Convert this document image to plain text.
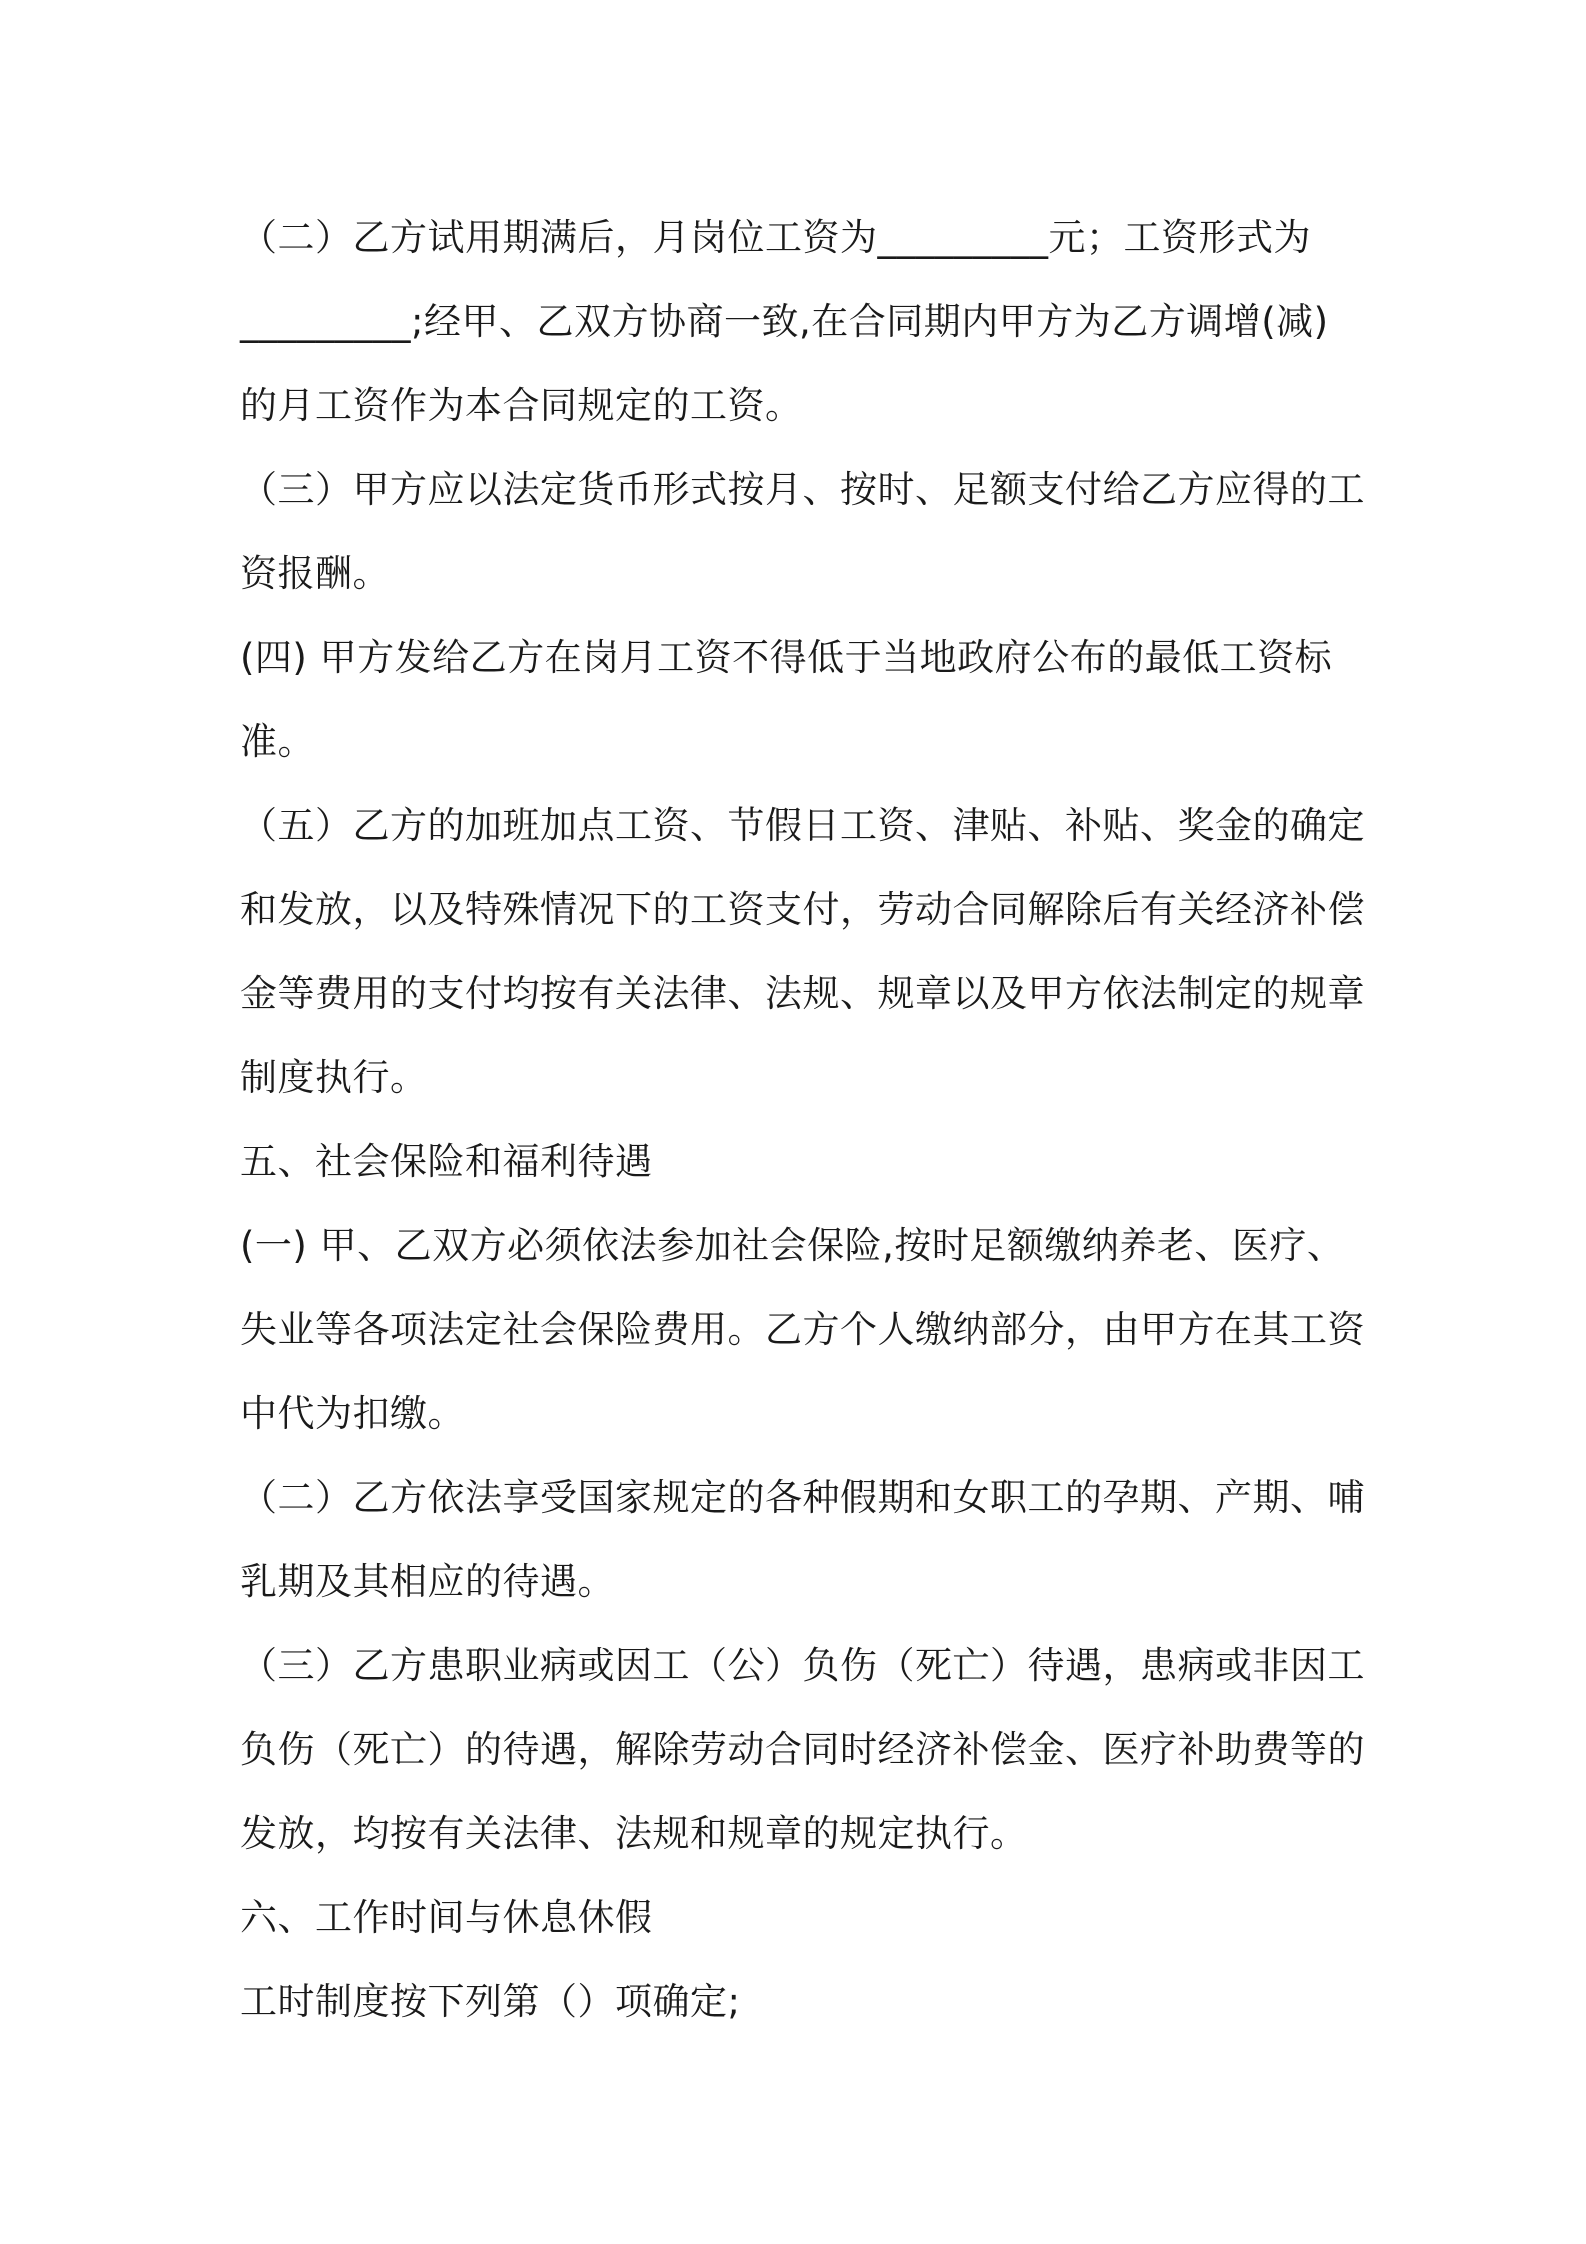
（二）乙方试用期满后，月岗位工资为_________元；工资形式为
_________;经甲、乙双方协商一致,在合同期内甲方为乙方调增(减)
的月工资作为本合同规定的工资。

（三）甲方应以法定货币形式按月、按时、足额支付给乙方应得的工
资报酬。

(四) 甲方发给乙方在岗月工资不得低于当地政府公布的最低工资标
准。

（五）乙方的加班加点工资、节假日工资、津贴、补贴、奖金的确定
和发放，以及特殊情况下的工资支付，劳动合同解除后有关经济补偿
金等费用的支付均按有关法律、法规、规章以及甲方依法制定的规章
制度执行。

五、社会保险和福利待遇

(一) 甲、乙双方必须依法参加社会保险,按时足额缴纳养老、医疗、
失业等各项法定社会保险费用。乙方个人缴纳部分，由甲方在其工资
中代为扣缴。

（二）乙方依法享受国家规定的各种假期和女职工的孕期、产期、哺
乳期及其相应的待遇。

（三）乙方患职业病或因工（公）负伤（死亡）待遇，患病或非因工
负伤（死亡）的待遇，解除劳动合同时经济补偿金、医疗补助费等的
发放，均按有关法律、法规和规章的规定执行。

六、工作时间与休息休假

工时制度按下列第（）项确定;
